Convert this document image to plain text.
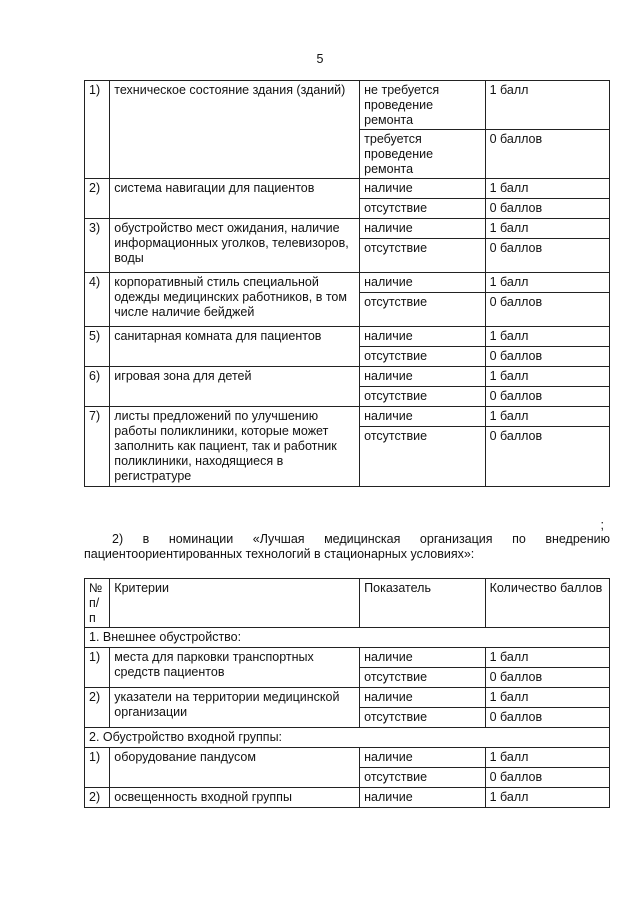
5
1)	техническое состояние здания (зданий)	не требуется проведение ремонта	1 балл
		требуется проведение ремонта	0 баллов
2)	система навигации для пациентов	наличие	1 балл
		отсутствие	0 баллов
3)	обустройство мест ожидания, наличие информационных уголков, телевизоров, воды	наличие	1 балл
		отсутствие	0 баллов
4)	корпоративный стиль специальной одежды медицинских работников, в том числе наличие бейджей	наличие	1 балл
		отсутствие	0 баллов
5)	санитарная комната для пациентов	наличие	1 балл
		отсутствие	0 баллов
6)	игровая зона для детей	наличие	1 балл
		отсутствие	0 баллов
7)	листы предложений по улучшению работы поликлиники, которые может заполнить как пациент, так и работник поликлиники, находящиеся в регистратуре	наличие	1 балл
		отсутствие	0 баллов
;
2) в номинации «Лучшая медицинская организация по внедрению пациентоориентированных технологий в стационарных условиях»:
№ п/п	Критерии	Показатель	Количество баллов
1. Внешнее обустройство:			
1)	места для парковки транспортных средств пациентов	наличие	1 балл
		отсутствие	0 баллов
2)	указатели на территории медицинской организации	наличие	1 балл
		отсутствие	0 баллов
2. Обустройство входной группы:			
1)	оборудование пандусом	наличие	1 балл
		отсутствие	0 баллов
2)	освещенность входной группы	наличие	1 балл
